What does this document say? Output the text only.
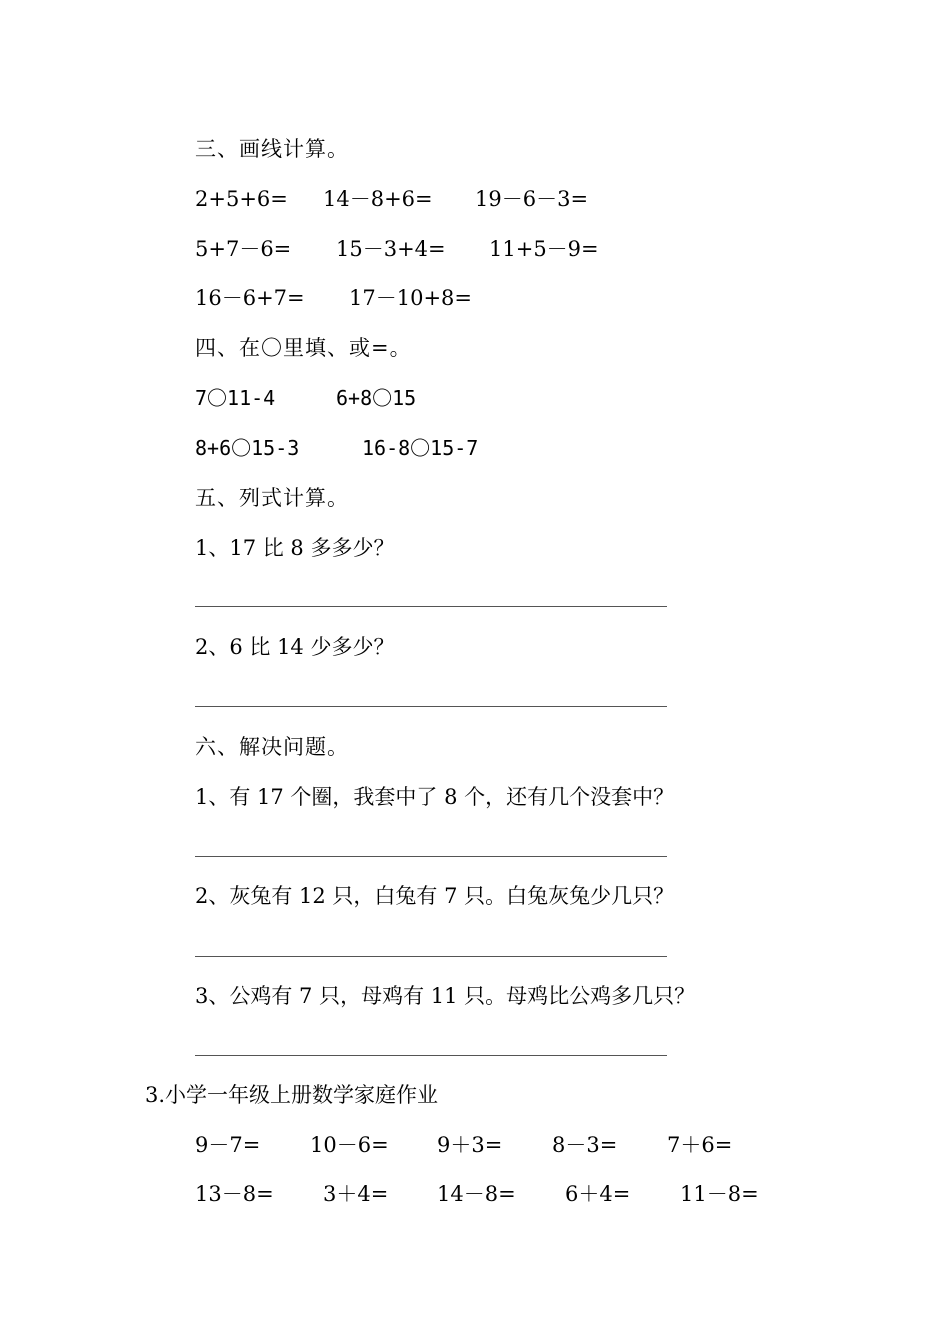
三、画线计算。
2+5+6= 14－8+6= 19－6－3=
5+7－6= 15－3+4= 11+5－9=
16－6+7= 17－10+8=
四、在〇里填、或=。
7〇11-4	6+8〇15
8+6〇15-3	16-8〇15-7
五、列式计算。
1、17 比 8 多多少？
2、6 比 14 少多少？
六、解决问题。
1、有 17 个圈，我套中了 8 个，还有几个没套中？
2、灰兔有 12 只，白兔有 7 只。白兔灰兔少几只？
3、公鸡有 7 只，母鸡有 11 只。母鸡比公鸡多几只？
3.小学一年级上册数学家庭作业
9－7= 10－6= 9＋3= 8－3= 7＋6=
13－8= 3＋4= 14－8= 6＋4= 11－8=
